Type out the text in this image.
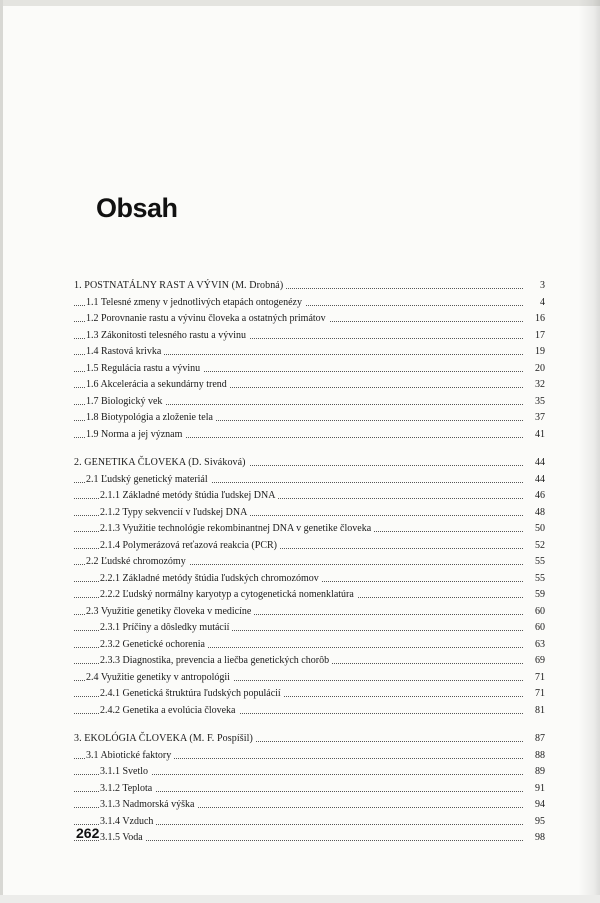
Obsah
1. POSTNATÁLNY RAST A VÝVIN (M. Drobná)	3
1.1 Telesné zmeny v jednotlivých etapách ontogenézy	4
1.2 Porovnanie rastu a vývinu človeka a ostatných primátov	16
1.3 Zákonitosti telesného rastu a vývinu	17
1.4 Rastová krivka	19
1.5 Regulácia rastu a vývinu	20
1.6 Akcelerácia a sekundárny trend	32
1.7 Biologický vek	35
1.8 Biotypológia a zloženie tela	37
1.9 Norma a jej význam	41
2. GENETIKA ČLOVEKA (D. Siváková)	44
2.1 Ľudský genetický materiál	44
2.1.1 Základné metódy štúdia ľudskej DNA	46
2.1.2 Typy sekvencií v ľudskej DNA	48
2.1.3 Využitie technológie rekombinantnej DNA v genetike človeka	50
2.1.4 Polymerázová reťazová reakcia (PCR)	52
2.2 Ľudské chromozómy	55
2.2.1 Základné metódy štúdia ľudských chromozómov	55
2.2.2 Ľudský normálny karyotyp a cytogenetická nomenklatúra	59
2.3 Využitie genetiky človeka v medicíne	60
2.3.1 Príčiny a dôsledky mutácií	60
2.3.2 Genetické ochorenia	63
2.3.3 Diagnostika, prevencia a liečba genetických chorôb	69
2.4 Využitie genetiky v antropológii	71
2.4.1 Genetická štruktúra ľudských populácií	71
2.4.2 Genetika a evolúcia človeka	81
3. EKOLÓGIA ČLOVEKA (M. F. Pospíšil)	87
3.1 Abiotické faktory	88
3.1.1 Svetlo	89
3.1.2 Teplota	91
3.1.3 Nadmorská výška	94
3.1.4 Vzduch	95
3.1.5 Voda	98
262
